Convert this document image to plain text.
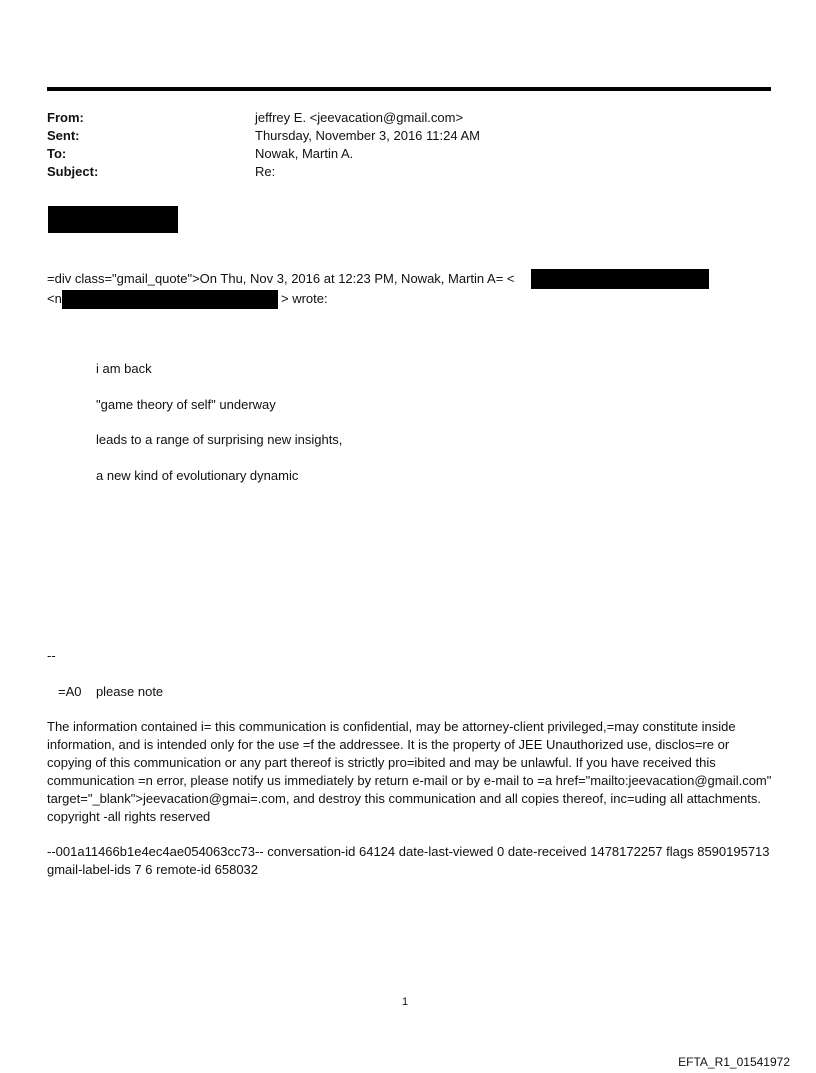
From:	jeffrey E. <jeevacation@gmail.com>
Sent:	Thursday, November 3, 2016 11:24 AM
To:	Nowak, Martin A.
Subject:	Re:
=div class="gmail_quote">On Thu, Nov 3, 2016 at 12:23 PM, Nowak, Martin A= <
<n	> wrote:
i am back
"game theory of self" underway
leads to a range of surprising new insights,
a new kind of evolutionary dynamic
--
=A0    please note
The information contained i= this communication is confidential, may be attorney-client privileged,=may constitute inside information, and is intended only for the use =f the addressee. It is the property of JEE Unauthorized use, disclos=re or copying of this communication or any part thereof is strictly pro=ibited and may be unlawful. If you have received this communication =n error, please notify us immediately by return e-mail or by e-mail to =a href="mailto:jeevacation@gmail.com" target="_blank">jeevacation@gmai=.com, and destroy this communication and all copies thereof, inc=uding all attachments. copyright -all rights reserved
--001a11466b1e4ec4ae054063cc73-- conversation-id 64124 date-last-viewed 0 date-received 1478172257 flags 8590195713 gmail-label-ids 7 6 remote-id 658032
1
EFTA_R1_01541972
